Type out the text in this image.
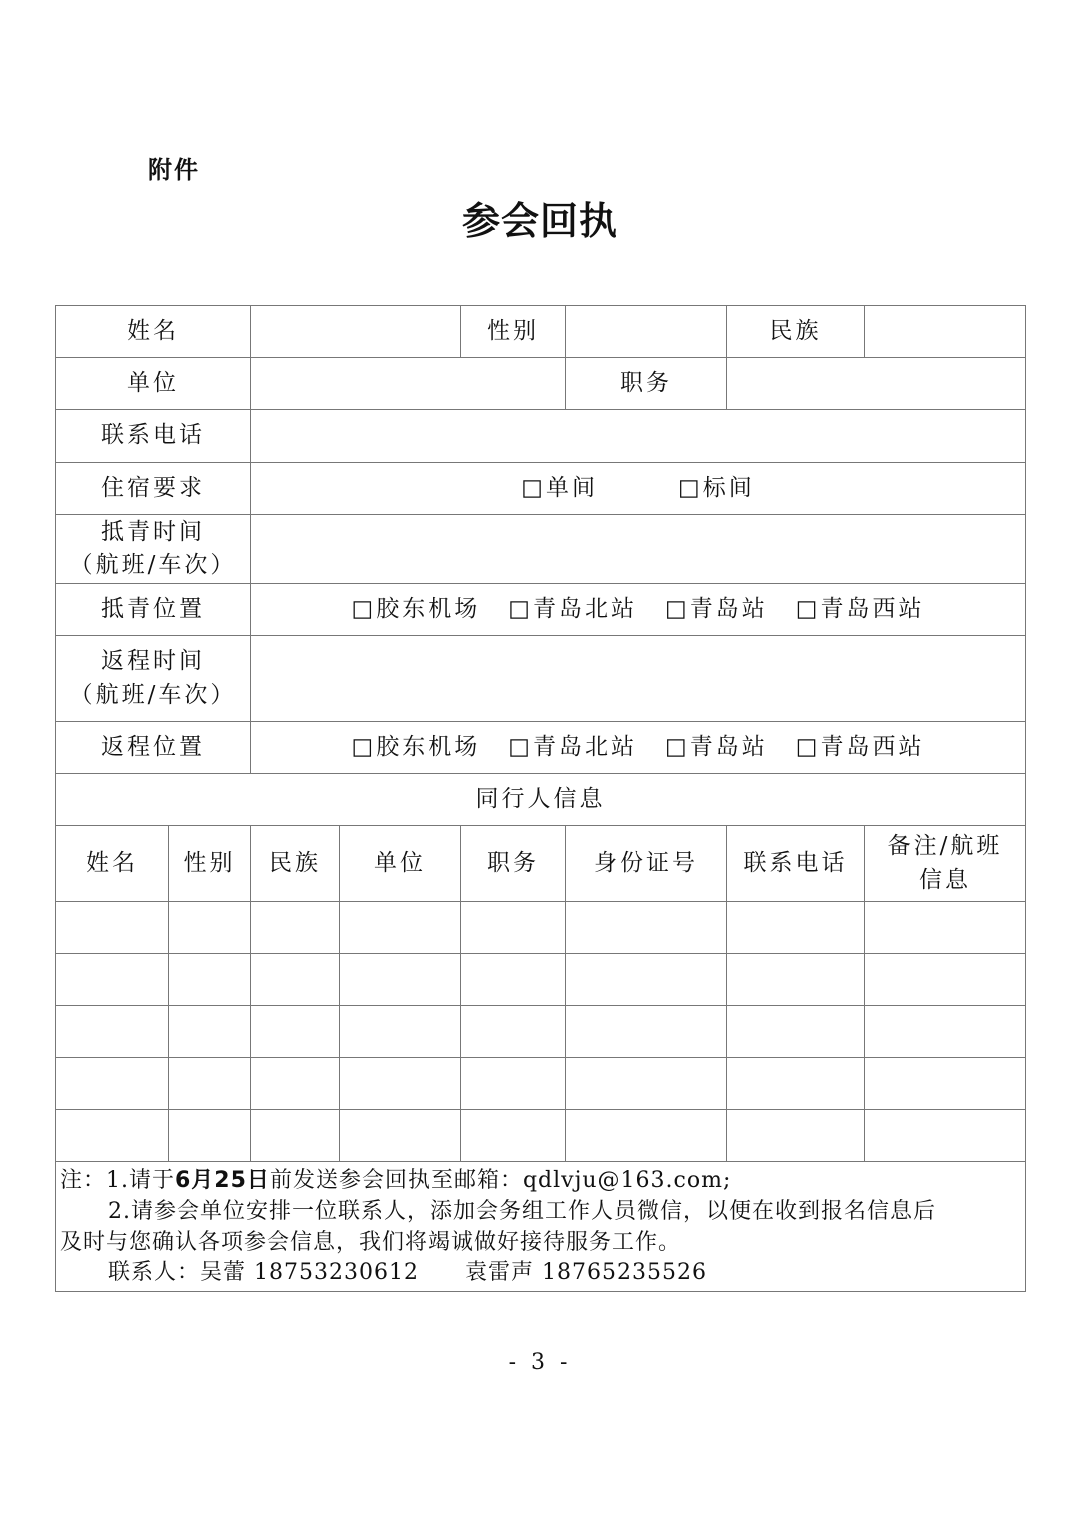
附件
参会回执
姓名				性别		民族	
单位					职务		
联系电话							
住宿要求		□单间 □标间					
抵青时间
（航班/车次）							
抵青位置		□胶东机场 □青岛北站 □青岛站 □青岛西站					
返程时间
（航班/车次）							
返程位置		□胶东机场 □青岛北站 □青岛站 □青岛西站					
同行人信息							
姓名	性别	民族	单位	职务	身份证号	联系电话	备注/航班
信息

注：1.请于6月25日前发送参会回执至邮箱：qdlvju@163.com;
2.请参会单位安排一位联系人，添加会务组工作人员微信，以便在收到报名信息后
及时与您确认各项参会信息，我们将竭诚做好接待服务工作。
联系人：吴蕾 18753230612 袁雷声 18765235526							
- 3 -
